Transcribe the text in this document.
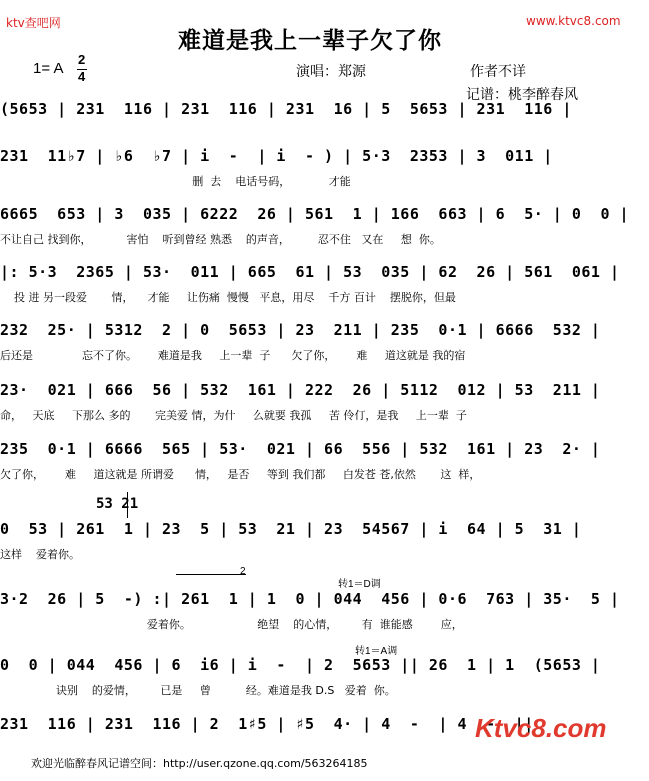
ktv查吧网	www.ktvc8.com
难道是我上一辈子欠了你
1= A
2
4	演唱：郑源	作者不详
记谱：桃李醉春风
(5653 | 231  116 | 231  116 | 231  16 | 5  5653 | 231  116 |
231  11♭7 | ♭6  ♭7 | i  -  | i  - ) | 5·3  2353 | 3  011 |
删  去    电话号码，           才能
6665  653 | 3  035 | 6222  26 | 561  1 | 166  663 | 6  5· | 0  0 |
不让自己 找到你，          害怕    听到曾经 熟悉    的声音，        忍不住   又在     想  你。
|: 5·3  2365 | 53·  011 | 665  61 | 53  035 | 62  26 | 561  061 |
投 进 另一段爱       情，    才能     让伤痛  慢慢   平息，用尽    千方 百计    摆脱你，但最
232  25· | 5312  2 | 0  5653 | 23  211 | 235  0·1 | 6666  532 |
后还是              忘不了你。      难道是我     上一辈  子      欠了你，      难     道这就是 我的宿
23·  021 | 666  56 | 532  161 | 222  26 | 5112  012 | 53  211 |
命，   天底     下那么 多的       完美爱 情，为什     么就要 我孤     苦 伶仃，是我     上一辈  子
235  0·1 | 6666  565 | 53·  021 | 66  556 | 532  161 | 23  2· |
欠了你，      难     道这就是 所谓爱      情，   是否     等到 我们都     白发苍 苍,依然       这  样，
53 21
0  53 | 261  1 | 23  5 | 53  21 | 23  54567 | i  64 | 5  31 |
这样    爱着你。
2
转1＝D调
3·2  26 | 5  -) :| 261  1 | 1  0 | 044  456 | 0·6  763 | 35·  5 |
爱着你。                   绝望    的心情，       有  谁能感        应，
转1＝A调
0  0 | 044  456 | 6  i6 | i  -  | 2  5653 || 26  1 | 1  (5653 |
诀别    的爱情，       已是     曾          经。难道是我 D.S   爱着  你。
231  116 | 231  116 | 2  1♯5 | ♯5  4· | 4  -  | 4  -  ||
Ktvc8.com
欢迎光临醉春风记谱空间：http://user.qzone.qq.com/563264185
